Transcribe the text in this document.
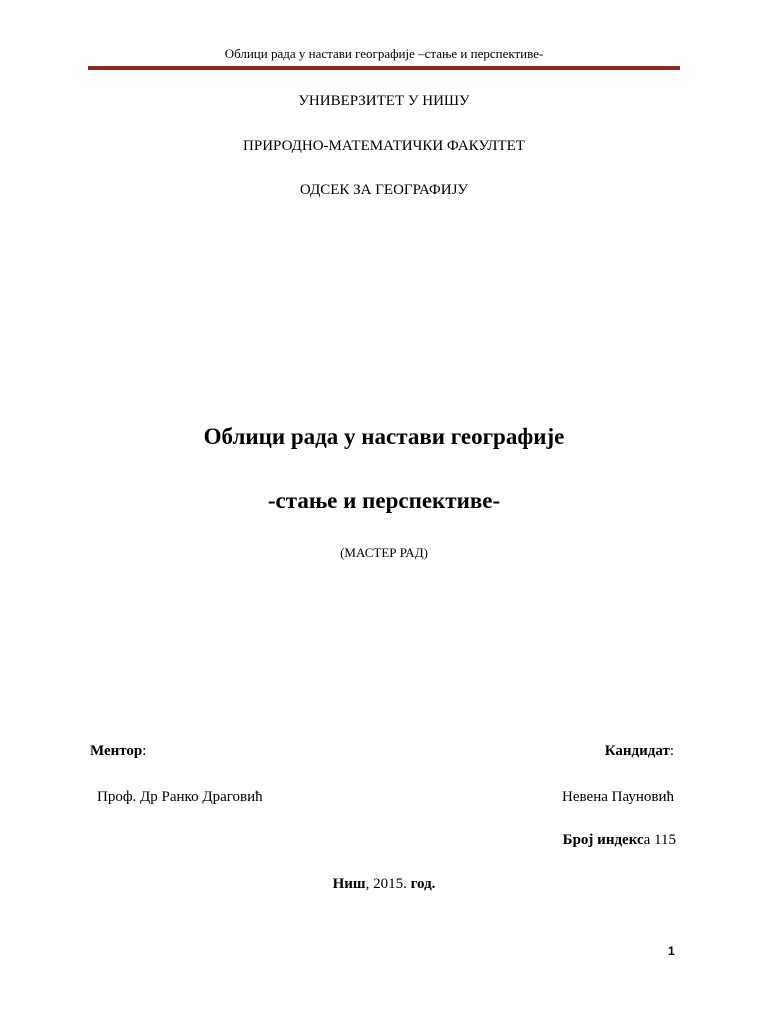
Облици рада у настави географије –стање и перспективе-
УНИВЕРЗИТЕТ У НИШУ
ПРИРОДНО-МАТЕМАТИЧКИ ФАКУЛТЕТ
ОДСЕК ЗА ГЕОГРАФИЈУ
Облици рада у настави географије
-стање и перспективе-
(МАСТЕР РАД)
Ментор:	Кандидат:
Проф. Др Ранко Драговић	Невена Пауновић
Број индекса 115
Ниш, 2015. год.
1
